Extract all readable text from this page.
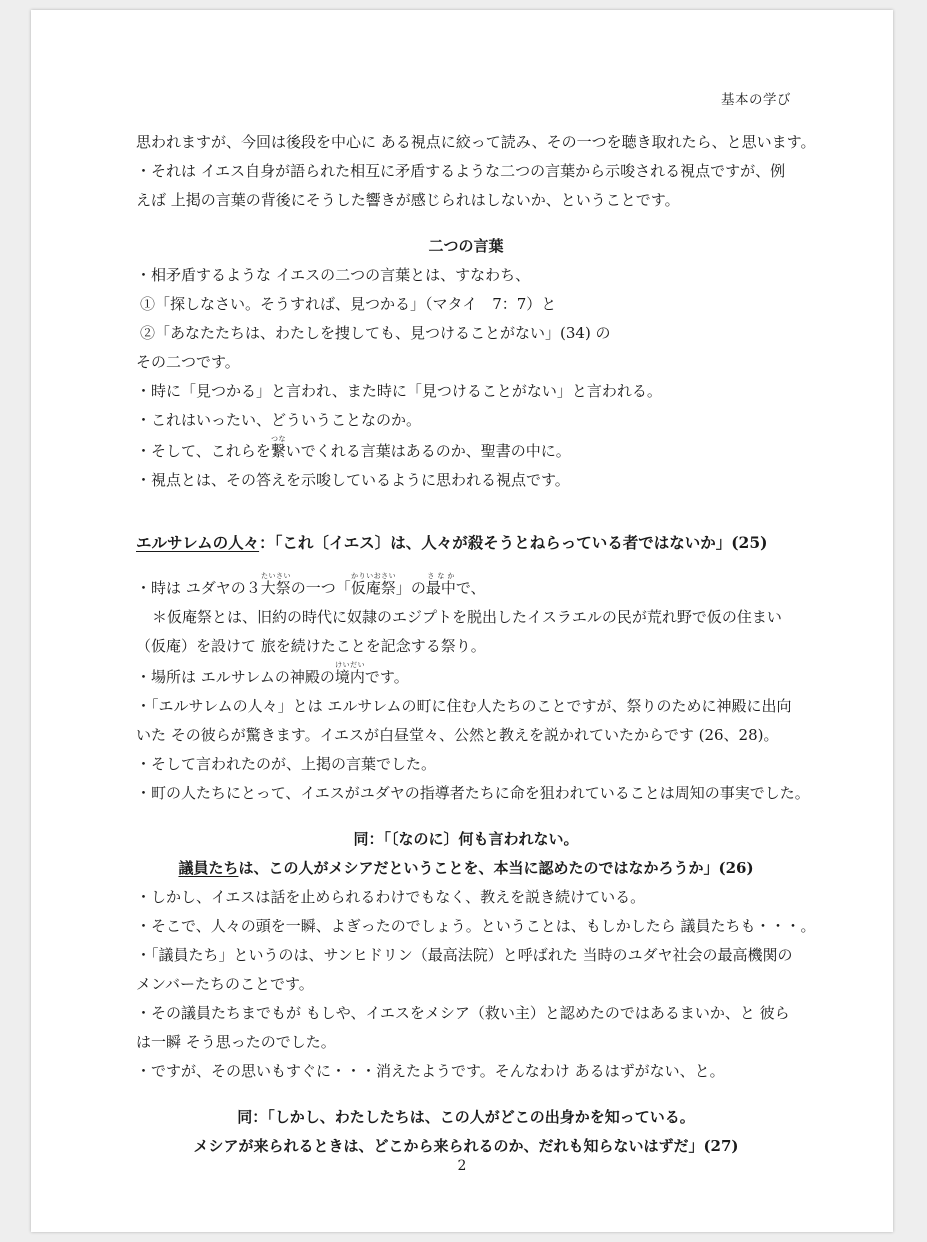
基本の学び

思われますが、今回は後段を中心に ある視点に絞って読み、その一つを聴き取れたら、と思います。

・それは イエス自身が語られた相互に矛盾するような二つの言葉から示唆される視点ですが、例えば 上掲の言葉の背後にそうした響きが感じられはしないか、ということです。

二つの言葉

・相矛盾するような イエスの二つの言葉とは、すなわち、

①「探しなさい。そうすれば、見つかる」（マタイ　7：7）と

②「あなたたちは、わたしを捜しても、見つけることがない」(34) の

その二つです。

・時に「見つかる」と言われ、また時に「見つけることがない」と言われる。

・これはいったい、どういうことなのか。

・そして、これらを繋つないでくれる言葉はあるのか、聖書の中に。

・視点とは、その答えを示唆しているように思われる視点です。

エルサレムの人々：「これ〔イエス〕は、人々が殺そうとねらっている者ではないか」(25)

・時は ユダヤの３大祭たいさいの一つ「仮庵祭かりいおさい」の最中さなかで、

＊仮庵祭とは、旧約の時代に奴隷のエジプトを脱出したイスラエルの民が荒れ野で仮の住まい（仮庵）を設けて 旅を続けたことを記念する祭り。

・場所は エルサレムの神殿の境内けいだいです。

・「エルサレムの人々」とは エルサレムの町に住む人たちのことですが、祭りのために神殿に出向いた その彼らが驚きます。イエスが白昼堂々、公然と教えを説かれていたからです (26、28)。

・そして言われたのが、上掲の言葉でした。

・町の人たちにとって、イエスがユダヤの指導者たちに命を狙われていることは周知の事実でした。

同：「〔なのに〕何も言われない。

議員たちは、この人がメシアだということを、本当に認めたのではなかろうか」(26)

・しかし、イエスは話を止められるわけでもなく、教えを説き続けている。

・そこで、人々の頭を一瞬、よぎったのでしょう。ということは、もしかしたら 議員たちも・・・。

・「議員たち」というのは、サンヒドリン（最高法院）と呼ばれた 当時のユダヤ社会の最高機関のメンバーたちのことです。

・その議員たちまでもが もしや、イエスをメシア（救い主）と認めたのではあるまいか、と 彼らは一瞬 そう思ったのでした。

・ですが、その思いもすぐに・・・消えたようです。そんなわけ あるはずがない、と。

同：「しかし、わたしたちは、この人がどこの出身かを知っている。

メシアが来られるときは、どこから来られるのか、だれも知らないはずだ」(27)

2
